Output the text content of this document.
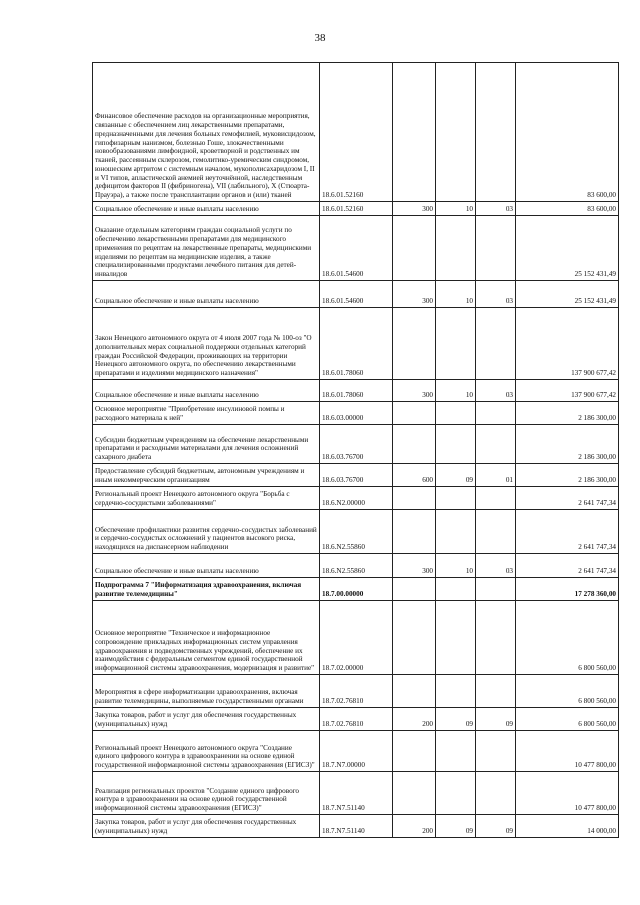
38
Финансовое обеспечение расходов на организационные мероприятия, связанные с обеспечением лиц лекарственными препаратами, предназначенными для лечения больных гемофилией, муковисцидозом, гипофизарным нанизмом, болезнью Гоше, злокачественными новообразованиями лимфоидной, кроветворной и родственных им тканей, рассеянным склерозом, гемолитико-уремическим синдромом, юношеским артритом с системным началом, мукополисахаридозом I, II и VI типов, апластической анемией неуточнённой, наследственным дефицитом факторов II (фибриногена), VII (лабильного), X (Стюарта-Прауэра), а также после трансплантации органов и (или) тканей	18.6.01.52160				83 600,00
Социальное обеспечение и иные выплаты населению	18.6.01.52160	300	10	03	83 600,00
Оказание отдельным категориям граждан социальной услуги по обеспечению лекарственными препаратами для медицинского применения по рецептам на лекарственные препараты, медицинскими изделиями по рецептам на медицинские изделия, а также специализированными продуктами лечебного питания для детей-инвалидов	18.6.01.54600				25 152 431,49
Социальное обеспечение и иные выплаты населению	18.6.01.54600	300	10	03	25 152 431,49
Закон Ненецкого автономного округа от 4 июля 2007 года № 100-оз "О дополнительных мерах социальной поддержки отдельных категорий граждан Российской Федерации, проживающих на территории Ненецкого автономного округа, по обеспечению лекарственными препаратами и изделиями медицинского назначения"	18.6.01.78060				137 900 677,42
Социальное обеспечение и иные выплаты населению	18.6.01.78060	300	10	03	137 900 677,42
Основное мероприятие "Приобретение инсулиновой помпы и расходного материала к ней"	18.6.03.00000				2 186 300,00
Субсидии бюджетным учреждениям на обеспечение лекарственными препаратами и расходными материалами для лечения осложнений сахарного диабета	18.6.03.76700				2 186 300,00
Предоставление субсидий бюджетным, автономным учреждениям и иным некоммерческим организациям	18.6.03.76700	600	09	01	2 186 300,00
Региональный проект Ненецкого автономного округа "Борьба с сердечно-сосудистыми заболеваниями"	18.6.N2.00000				2 641 747,34
Обеспечение профилактики развития сердечно-сосудистых заболеваний и сердечно-сосудистых осложнений у пациентов высокого риска, находящихся на диспансерном наблюдении	18.6.N2.55860				2 641 747,34
Социальное обеспечение и иные выплаты населению	18.6.N2.55860	300	10	03	2 641 747,34
Подпрограмма 7 "Информатизация здравоохранения, включая развитие телемедицины"	18.7.00.00000				17 278 360,00
Основное мероприятие "Техническое и информационное сопровождение прикладных информационных систем управления здравоохранения и подведомственных учреждений, обеспечение их взаимодействия с федеральным сегментом единой государственной информационной системы здравоохранения, модернизация и развитие"	18.7.02.00000				6 800 560,00
Мероприятия в сфере информатизации здравоохранения, включая развитие телемедицины, выполняемые государственными органами	18.7.02.76810				6 800 560,00
Закупка товаров, работ и услуг для обеспечения государственных (муниципальных) нужд	18.7.02.76810	200	09	09	6 800 560,00
Региональный проект Ненецкого автономного округа "Создание единого цифрового контура в здравоохранении на основе единой государственной информационной системы здравоохранения (ЕГИСЗ)"	18.7.N7.00000				10 477 800,00
Реализация региональных проектов "Создание единого цифрового контура в здравоохранении на основе единой государственной информационной системы здравоохранения (ЕГИСЗ)"	18.7.N7.51140				10 477 800,00
Закупка товаров, работ и услуг для обеспечения государственных (муниципальных) нужд	18.7.N7.51140	200	09	09	14 000,00
